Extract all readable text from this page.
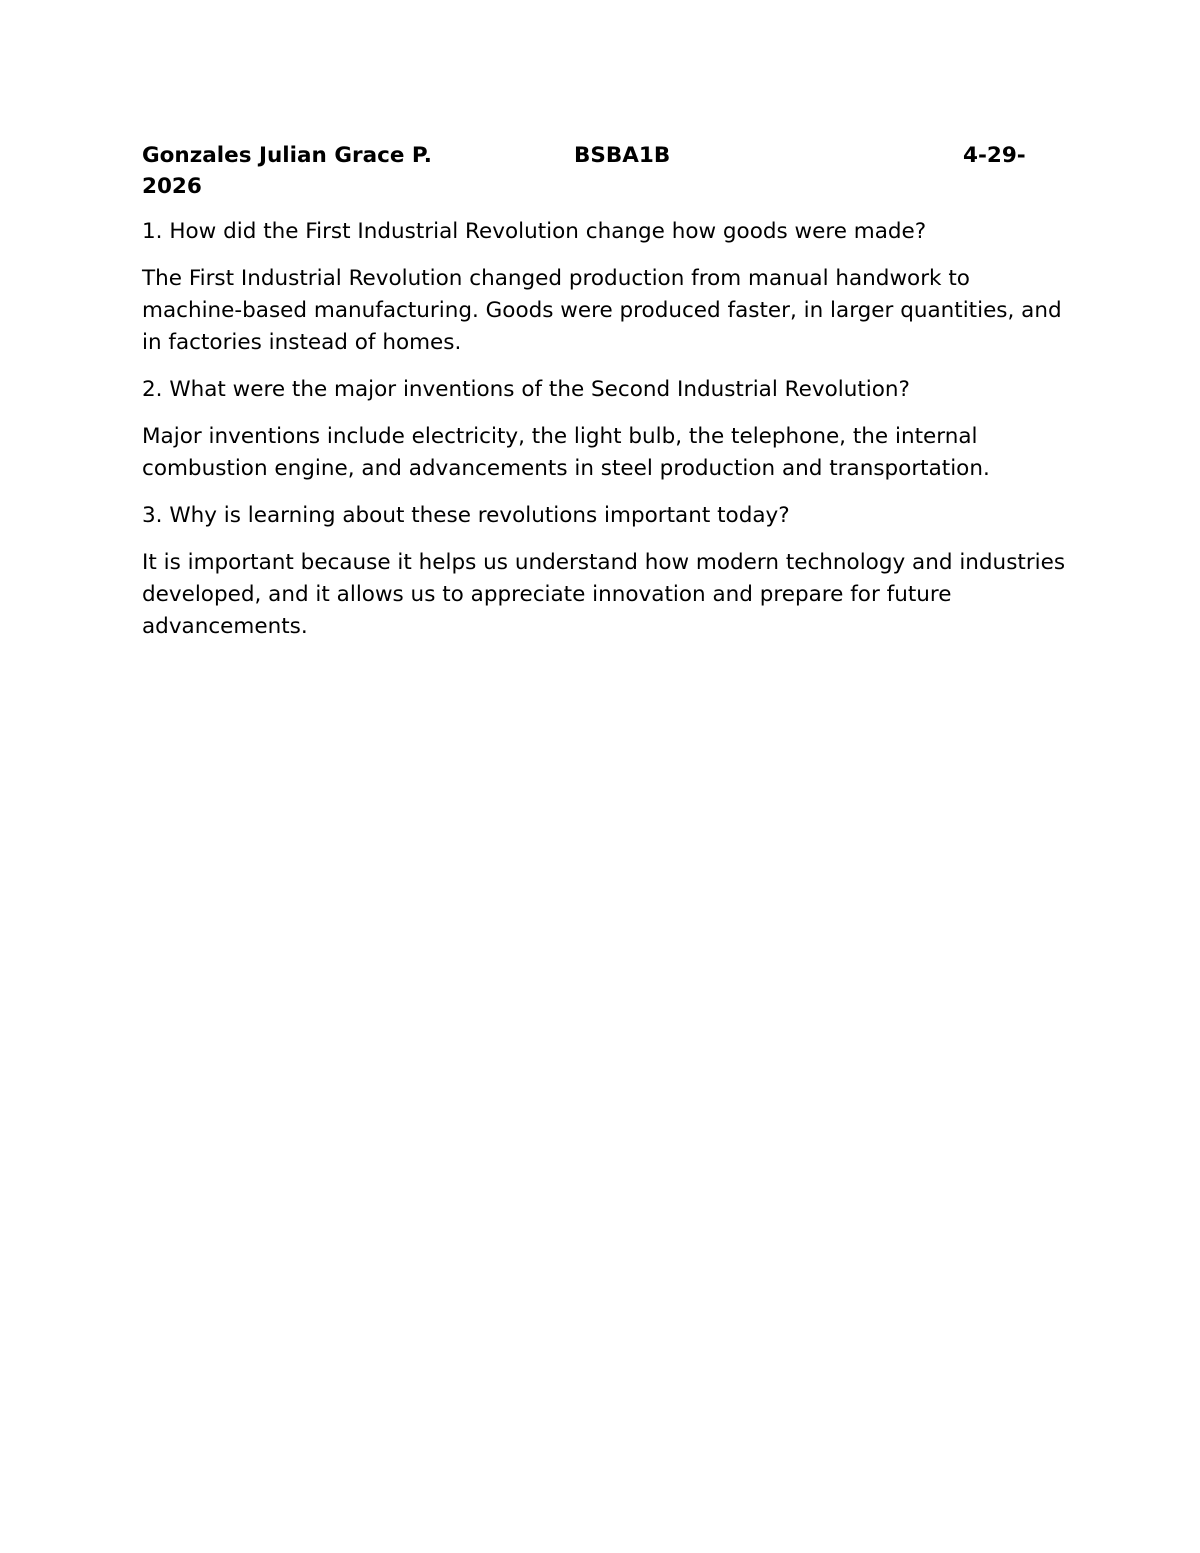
Gonzales Julian Grace P.	BSBA1B	4-29-
2026

1. How did the First Industrial Revolution change how goods were made?

The First Industrial Revolution changed production from manual handwork to machine-based manufacturing. Goods were produced faster, in larger quantities, and in factories instead of homes.

2. What were the major inventions of the Second Industrial Revolution?

Major inventions include electricity, the light bulb, the telephone, the internal combustion engine, and advancements in steel production and transportation.

3. Why is learning about these revolutions important today?

It is important because it helps us understand how modern technology and industries developed, and it allows us to appreciate innovation and prepare for future advancements.
